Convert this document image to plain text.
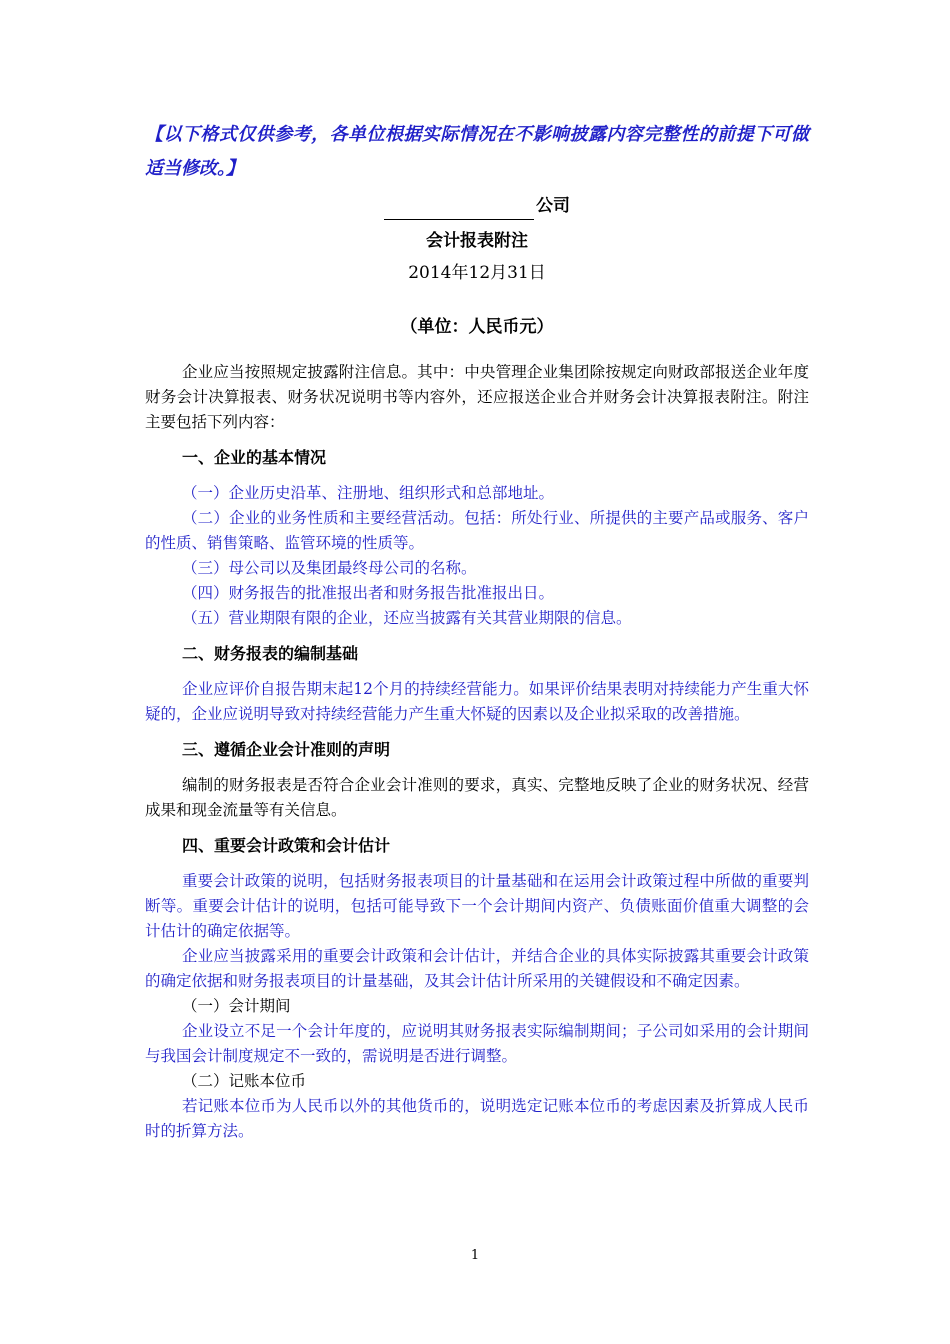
【以下格式仅供参考，各单位根据实际情况在不影响披露内容完整性的前提下可做适当修改。】

公司
会计报表附注
2014年12月31日
（单位：人民币元）

企业应当按照规定披露附注信息。其中：中央管理企业集团除按规定向财政部报送企业年度财务会计决算报表、财务状况说明书等内容外，还应报送企业合并财务会计决算报表附注。附注主要包括下列内容：

一、企业的基本情况

（一）企业历史沿革、注册地、组织形式和总部地址。

（二）企业的业务性质和主要经营活动。包括：所处行业、所提供的主要产品或服务、客户的性质、销售策略、监管环境的性质等。

（三）母公司以及集团最终母公司的名称。

（四）财务报告的批准报出者和财务报告批准报出日。

（五）营业期限有限的企业，还应当披露有关其营业期限的信息。

二、财务报表的编制基础

企业应评价自报告期末起12个月的持续经营能力。如果评价结果表明对持续能力产生重大怀疑的，企业应说明导致对持续经营能力产生重大怀疑的因素以及企业拟采取的改善措施。

三、遵循企业会计准则的声明

编制的财务报表是否符合企业会计准则的要求，真实、完整地反映了企业的财务状况、经营成果和现金流量等有关信息。

四、重要会计政策和会计估计

重要会计政策的说明，包括财务报表项目的计量基础和在运用会计政策过程中所做的重要判断等。重要会计估计的说明，包括可能导致下一个会计期间内资产、负债账面价值重大调整的会计估计的确定依据等。

企业应当披露采用的重要会计政策和会计估计，并结合企业的具体实际披露其重要会计政策的确定依据和财务报表项目的计量基础，及其会计估计所采用的关键假设和不确定因素。

（一）会计期间

企业设立不足一个会计年度的，应说明其财务报表实际编制期间；子公司如采用的会计期间与我国会计制度规定不一致的，需说明是否进行调整。

（二）记账本位币

若记账本位币为人民币以外的其他货币的，说明选定记账本位币的考虑因素及折算成人民币时的折算方法。

1
